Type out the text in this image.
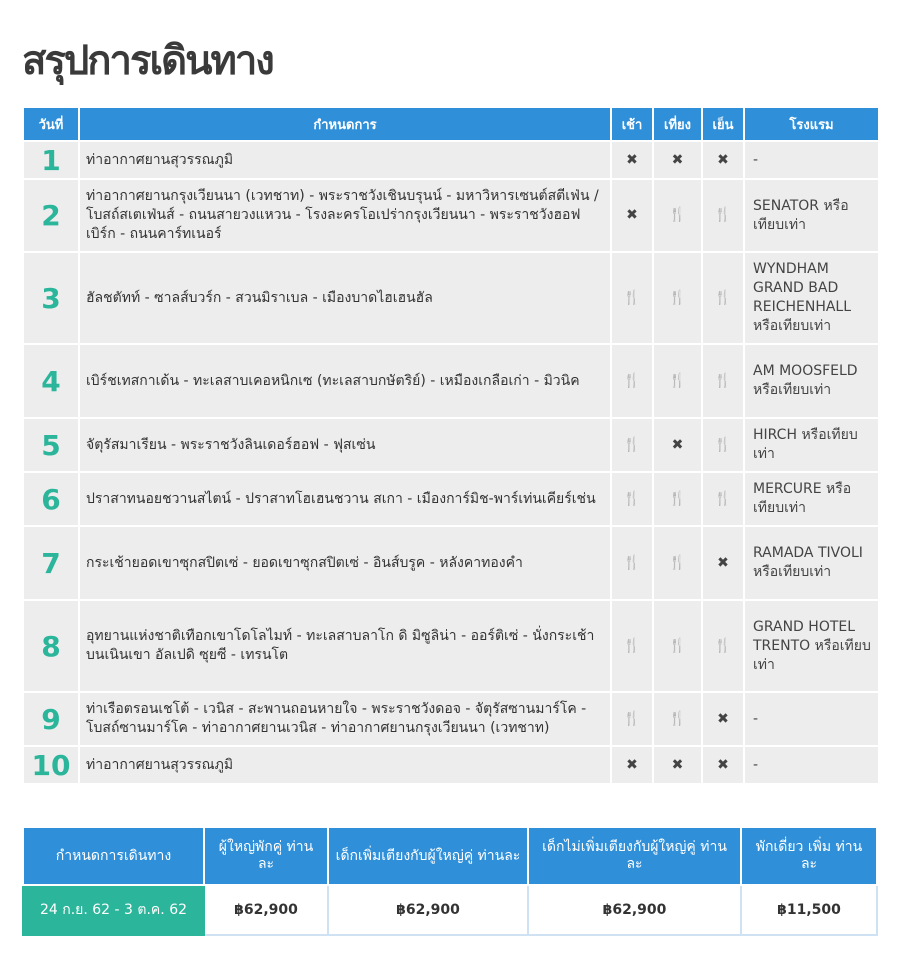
สรุปการเดินทาง
วันที่	กำหนดการ	เช้า	เที่ยง	เย็น	โรงแรม
1	ท่าอากาศยานสุวรรณภูมิ	✖	✖	✖	-
2	ท่าอากาศยานกรุงเวียนนา (เวทชาท) - พระราชวังเชินบรุนน์ - มหาวิหารเซนต์สตีเฟ่น / โบสถ์สเตเฟ่นส์ - ถนนสายวงแหวน - โรงละครโอเปร่ากรุงเวียนนา - พระราชวังฮอฟเบิร์ก - ถนนคาร์ทเนอร์	✖	🍴	🍴	SENATOR หรือเทียบเท่า
3	ฮัลชตัทท์ - ซาลส์บวร์ก - สวนมิราเบล - เมืองบาดไฮเฮนฮัล	🍴	🍴	🍴	WYNDHAM GRAND BAD REICHENHALL หรือเทียบเท่า
4	เบิร์ชเทสกาเด้น - ทะเลสาบเคอหนิกเซ (ทะเลสาบกษัตริย์) - เหมืองเกลือเก่า - มิวนิค	🍴	🍴	🍴	AM MOOSFELD หรือเทียบเท่า
5	จัตุรัสมาเรียน - พระราชวังลินเดอร์ฮอฟ - ฟุสเซ่น	🍴	✖	🍴	HIRCH หรือเทียบเท่า
6	ปราสาทนอยชวานสไตน์ - ปราสาทโฮเฮนชวาน สเกา - เมืองการ์มิช-พาร์เท่นเคียร์เช่น	🍴	🍴	🍴	MERCURE หรือเทียบเท่า
7	กระเช้ายอดเขาซุกสปิตเซ่ - ยอดเขาซุกสปิตเซ่ - อินส์บรูค - หลังคาทองคำ	🍴	🍴	✖	RAMADA TIVOLI หรือเทียบเท่า
8	อุทยานแห่งชาติเทือกเขาโดโลไมท์ - ทะเลสาบลาโก ดิ มิซูลิน่า - ออร์ติเซ่ - นั่งกระเช้าบนเนินเขา อัลเปดิ ซุยซี - เทรนโต	🍴	🍴	🍴	GRAND HOTEL TRENTO หรือเทียบเท่า
9	ท่าเรือตรอนเชโต้ - เวนิส - สะพานถอนหายใจ - พระราชวังดอจ - จัตุรัสซานมาร์โค - โบสถ์ซานมาร์โค - ท่าอากาศยานเวนิส - ท่าอากาศยานกรุงเวียนนา (เวทชาท)	🍴	🍴	✖	-
10	ท่าอากาศยานสุวรรณภูมิ	✖	✖	✖	-
กำหนดการเดินทาง	ผู้ใหญ่พักคู่ ท่านละ	เด็กเพิ่มเตียงกับผู้ใหญ่คู่ ท่านละ	เด็กไม่เพิ่มเตียงกับผู้ใหญ่คู่ ท่านละ	พักเดี่ยว เพิ่ม ท่านละ
24 ก.ย. 62 - 3 ต.ค. 62	฿62,900	฿62,900	฿62,900	฿11,500
